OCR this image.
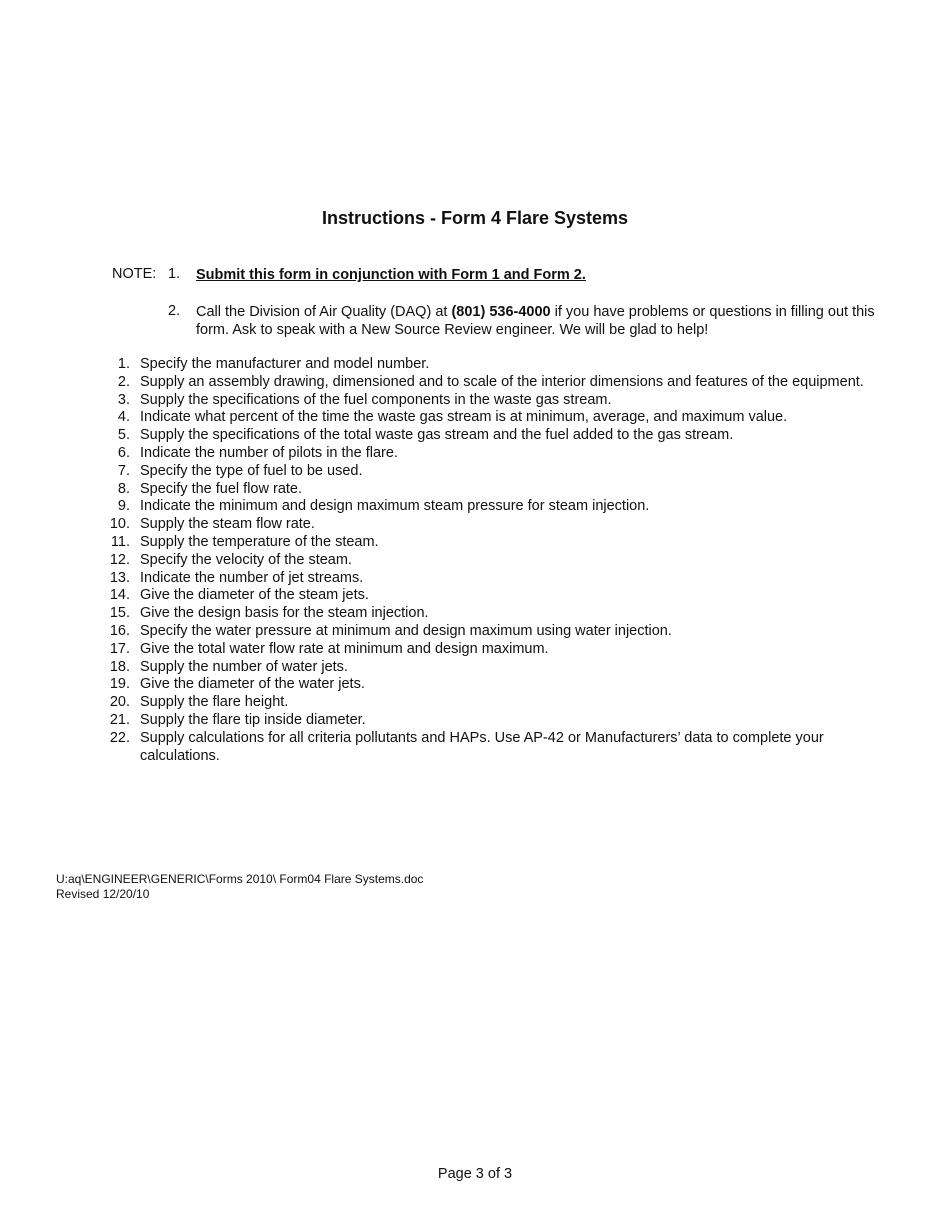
Instructions - Form 4 Flare Systems
NOTE: 1. Submit this form in conjunction with Form 1 and Form 2.
2. Call the Division of Air Quality (DAQ) at (801) 536-4000 if you have problems or questions in filling out this form. Ask to speak with a New Source Review engineer. We will be glad to help!
1. Specify the manufacturer and model number.
2. Supply an assembly drawing, dimensioned and to scale of the interior dimensions and features of the equipment.
3. Supply the specifications of the fuel components in the waste gas stream.
4. Indicate what percent of the time the waste gas stream is at minimum, average, and maximum value.
5. Supply the specifications of the total waste gas stream and the fuel added to the gas stream.
6. Indicate the number of pilots in the flare.
7. Specify the type of fuel to be used.
8. Specify the fuel flow rate.
9. Indicate the minimum and design maximum steam pressure for steam injection.
10. Supply the steam flow rate.
11. Supply the temperature of the steam.
12. Specify the velocity of the steam.
13. Indicate the number of jet streams.
14. Give the diameter of the steam jets.
15. Give the design basis for the steam injection.
16. Specify the water pressure at minimum and design maximum using water injection.
17. Give the total water flow rate at minimum and design maximum.
18. Supply the number of water jets.
19. Give the diameter of the water jets.
20. Supply the flare height.
21. Supply the flare tip inside diameter.
22. Supply calculations for all criteria pollutants and HAPs. Use AP-42 or Manufacturers’ data to complete your calculations.
U:aq\ENGINEER\GENERIC\Forms 2010\ Form04 Flare Systems.doc
Revised 12/20/10
Page 3 of 3
